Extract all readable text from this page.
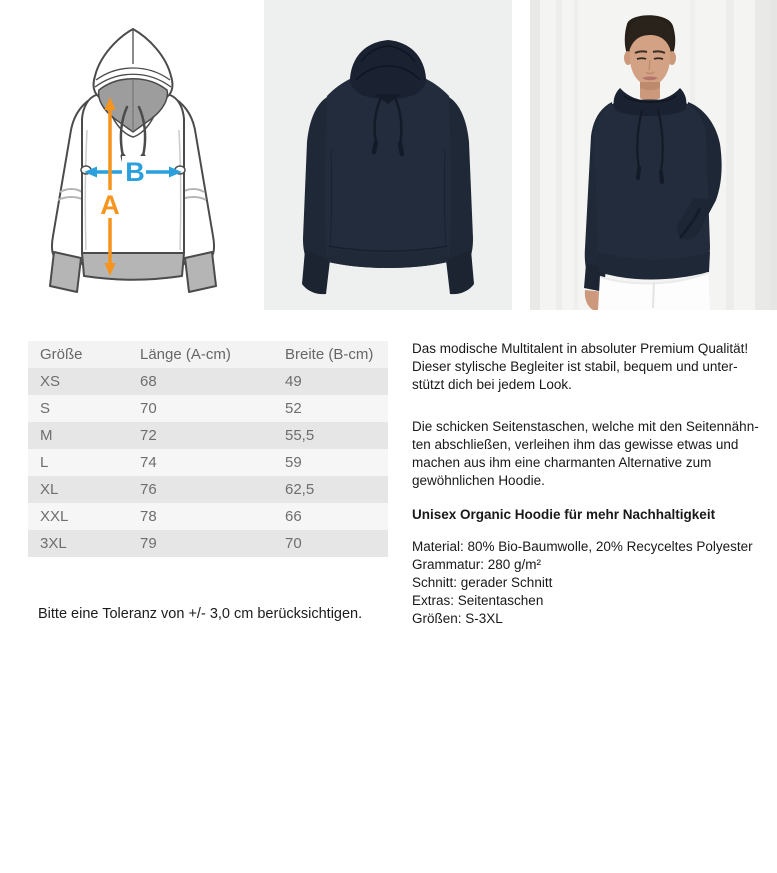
B
A
Größe	Länge (A-cm)	Breite (B-cm)
XS	68	49
S	70	52
M	72	55,5
L	74	59
XL	76	62,5
XXL	78	66
3XL	79	70
Das modische Multitalent in absoluter Premium Qualität!
Dieser stylische Begleiter ist stabil, bequem und unter-
stützt dich bei jedem Look.
Die schicken Seitenstaschen, welche mit den Seitennähn-
ten abschließen, verleihen ihm das gewisse etwas und
machen aus ihm eine charmanten Alternative zum
gewöhnlichen Hoodie.
Unisex Organic Hoodie für mehr Nachhaltigkeit
Material: 80% Bio-Baumwolle, 20% Recyceltes Polyester
Grammatur: 280 g/m²
Schnitt: gerader Schnitt
Extras: Seitentaschen
Größen: S-3XL
Bitte eine Toleranz von +/- 3,0 cm berücksichtigen.
